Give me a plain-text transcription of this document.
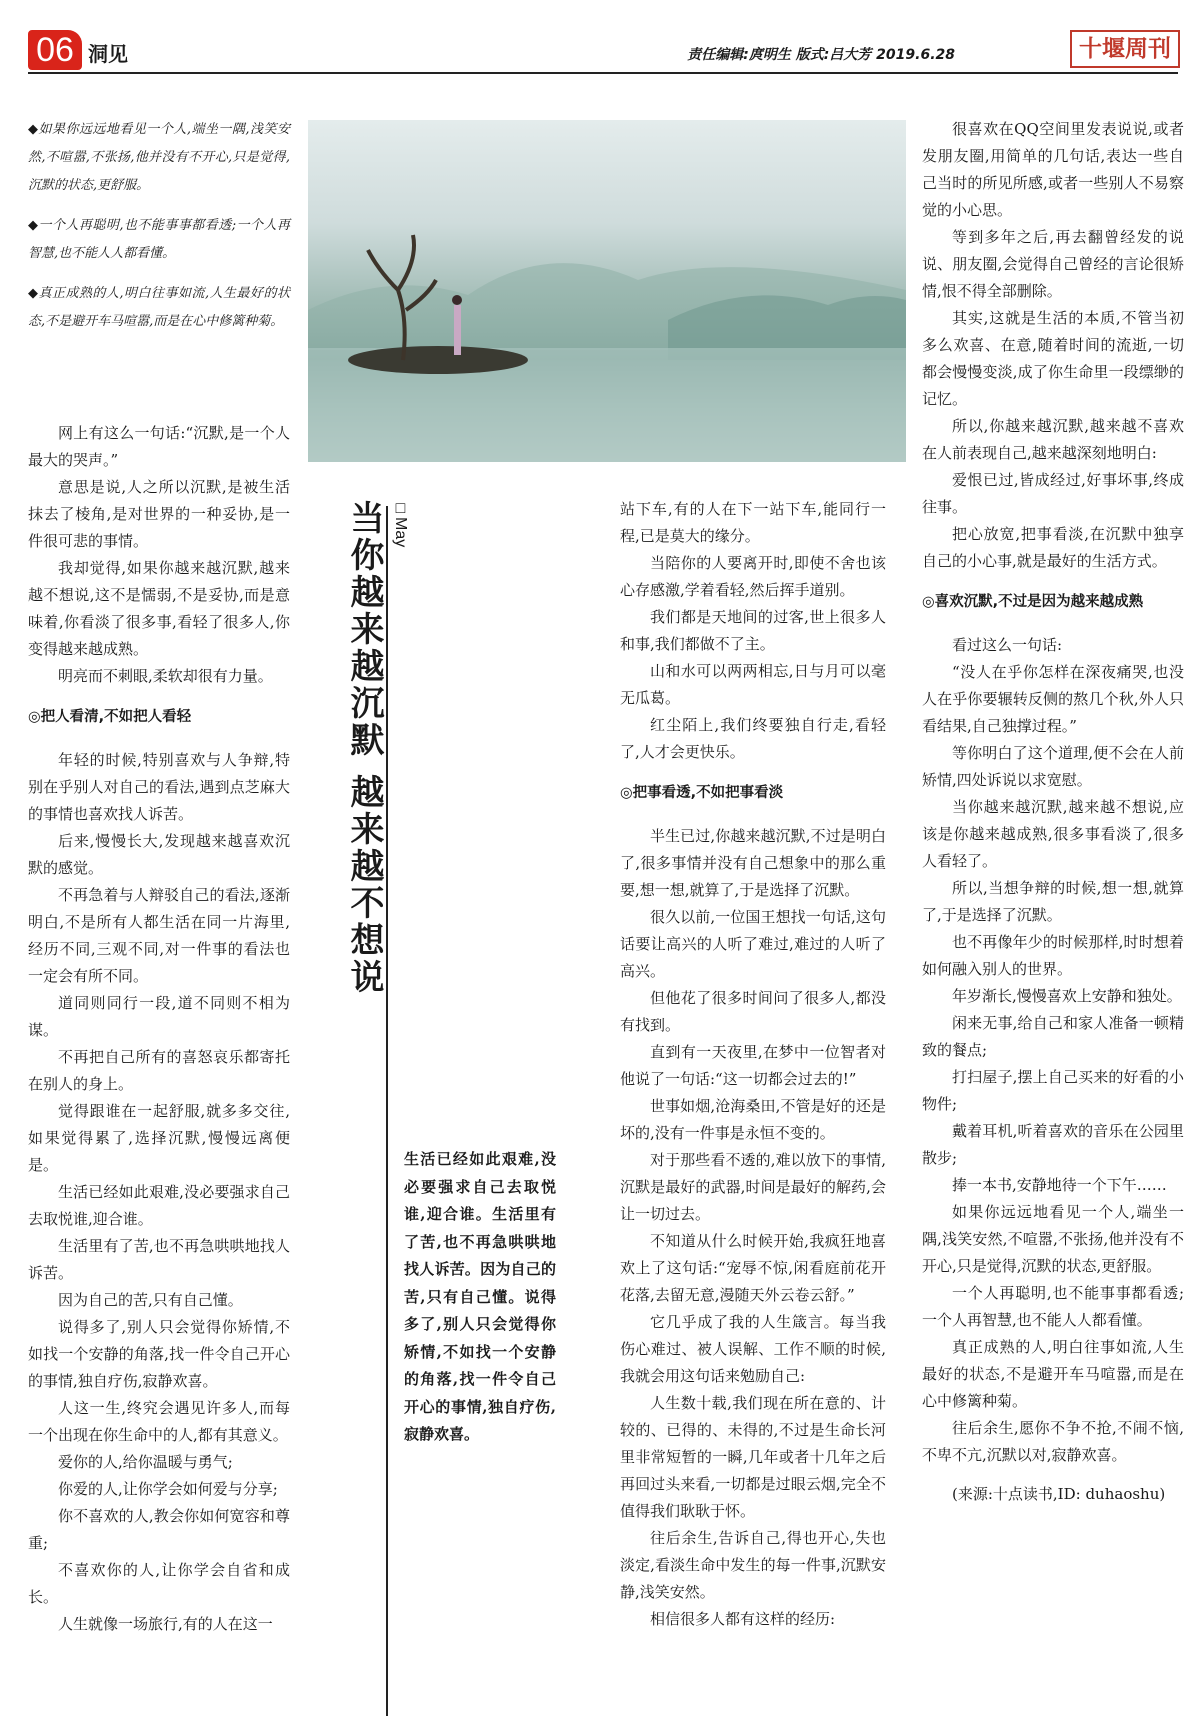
06 洞见	责任编辑:庹明生 版式:吕大芳 2019.6.28	十堰周刊

◆如果你远远地看见一个人,端坐一隅,浅笑安然,不喧嚣,不张扬,他并没有不开心,只是觉得,沉默的状态,更舒服。

◆一个人再聪明,也不能事事都看透;一个人再智慧,也不能人人都看懂。

◆真正成熟的人,明白往事如流,人生最好的状态,不是避开车马喧嚣,而是在心中修篱种菊。

网上有这么一句话:“沉默,是一个人最大的哭声。”

意思是说,人之所以沉默,是被生活抹去了棱角,是对世界的一种妥协,是一件很可悲的事情。

我却觉得,如果你越来越沉默,越来越不想说,这不是懦弱,不是妥协,而是意味着,你看淡了很多事,看轻了很多人,你变得越来越成熟。

明亮而不刺眼,柔软却很有力量。

◎把人看清,不如把人看轻

年轻的时候,特别喜欢与人争辩,特别在乎别人对自己的看法,遇到点芝麻大的事情也喜欢找人诉苦。

后来,慢慢长大,发现越来越喜欢沉默的感觉。

不再急着与人辩驳自己的看法,逐渐明白,不是所有人都生活在同一片海里,经历不同,三观不同,对一件事的看法也一定会有所不同。

道同则同行一段,道不同则不相为谋。

不再把自己所有的喜怒哀乐都寄托在别人的身上。

觉得跟谁在一起舒服,就多多交往,如果觉得累了,选择沉默,慢慢远离便是。

生活已经如此艰难,没必要强求自己去取悦谁,迎合谁。

生活里有了苦,也不再急哄哄地找人诉苦。

因为自己的苦,只有自己懂。

说得多了,别人只会觉得你矫情,不如找一个安静的角落,找一件令自己开心的事情,独自疗伤,寂静欢喜。

人这一生,终究会遇见许多人,而每一个出现在你生命中的人,都有其意义。

爱你的人,给你温暖与勇气;

你爱的人,让你学会如何爱与分享;

你不喜欢的人,教会你如何宽容和尊重;

不喜欢你的人,让你学会自省和成长。

人生就像一场旅行,有的人在这一

当你越来越沉默 越来越不想说 □May
生活已经如此艰难,没必要强求自己去取悦谁,迎合谁。生活里有了苦,也不再急哄哄地找人诉苦。因为自己的苦,只有自己懂。说得多了,别人只会觉得你矫情,不如找一个安静的角落,找一件令自己开心的事情,独自疗伤,寂静欢喜。

站下车,有的人在下一站下车,能同行一程,已是莫大的缘分。

当陪你的人要离开时,即使不舍也该心存感激,学着看轻,然后挥手道别。

我们都是天地间的过客,世上很多人和事,我们都做不了主。

山和水可以两两相忘,日与月可以毫无瓜葛。

红尘陌上,我们终要独自行走,看轻了,人才会更快乐。

◎把事看透,不如把事看淡

半生已过,你越来越沉默,不过是明白了,很多事情并没有自己想象中的那么重要,想一想,就算了,于是选择了沉默。

很久以前,一位国王想找一句话,这句话要让高兴的人听了难过,难过的人听了高兴。

但他花了很多时间问了很多人,都没有找到。

直到有一天夜里,在梦中一位智者对他说了一句话:“这一切都会过去的!”

世事如烟,沧海桑田,不管是好的还是坏的,没有一件事是永恒不变的。

对于那些看不透的,难以放下的事情,沉默是最好的武器,时间是最好的解药,会让一切过去。

不知道从什么时候开始,我疯狂地喜欢上了这句话:“宠辱不惊,闲看庭前花开花落,去留无意,漫随天外云卷云舒。”

它几乎成了我的人生箴言。每当我伤心难过、被人误解、工作不顺的时候,我就会用这句话来勉励自己:

人生数十载,我们现在所在意的、计较的、已得的、未得的,不过是生命长河里非常短暂的一瞬,几年或者十几年之后再回过头来看,一切都是过眼云烟,完全不值得我们耿耿于怀。

往后余生,告诉自己,得也开心,失也淡定,看淡生命中发生的每一件事,沉默安静,浅笑安然。

相信很多人都有这样的经历:

很喜欢在QQ空间里发表说说,或者发朋友圈,用简单的几句话,表达一些自己当时的所见所感,或者一些别人不易察觉的小心思。

等到多年之后,再去翻曾经发的说说、朋友圈,会觉得自己曾经的言论很矫情,恨不得全部删除。

其实,这就是生活的本质,不管当初多么欢喜、在意,随着时间的流逝,一切都会慢慢变淡,成了你生命里一段缥缈的记忆。

所以,你越来越沉默,越来越不喜欢在人前表现自己,越来越深刻地明白:

爱恨已过,皆成经过,好事坏事,终成往事。

把心放宽,把事看淡,在沉默中独享自己的小心事,就是最好的生活方式。

◎喜欢沉默,不过是因为越来越成熟

看过这么一句话:

“没人在乎你怎样在深夜痛哭,也没人在乎你要辗转反侧的熬几个秋,外人只看结果,自己独撑过程。”

等你明白了这个道理,便不会在人前矫情,四处诉说以求宽慰。

当你越来越沉默,越来越不想说,应该是你越来越成熟,很多事看淡了,很多人看轻了。

所以,当想争辩的时候,想一想,就算了,于是选择了沉默。

也不再像年少的时候那样,时时想着如何融入别人的世界。

年岁渐长,慢慢喜欢上安静和独处。

闲来无事,给自己和家人准备一顿精致的餐点;

打扫屋子,摆上自己买来的好看的小物件;

戴着耳机,听着喜欢的音乐在公园里散步;

捧一本书,安静地待一个下午……

如果你远远地看见一个人,端坐一隅,浅笑安然,不喧嚣,不张扬,他并没有不开心,只是觉得,沉默的状态,更舒服。

一个人再聪明,也不能事事都看透;一个人再智慧,也不能人人都看懂。

真正成熟的人,明白往事如流,人生最好的状态,不是避开车马喧嚣,而是在心中修篱种菊。

往后余生,愿你不争不抢,不闹不恼,不卑不亢,沉默以对,寂静欢喜。

(来源:十点读书,ID: duhaoshu)
